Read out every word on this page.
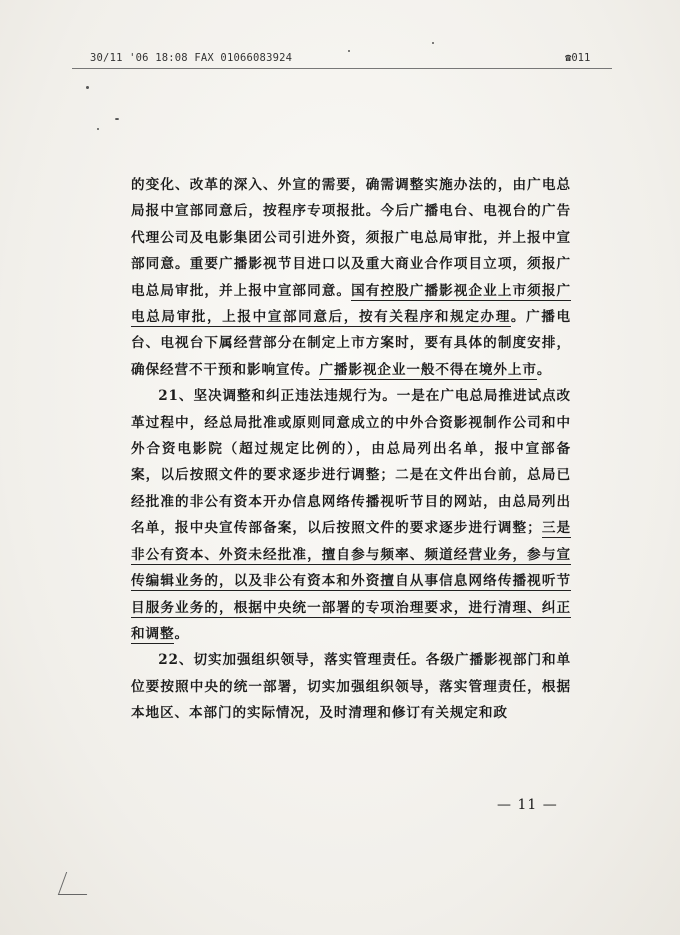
30/11 '06 18:08 FAX 01066083924	☎011

的变化、改革的深入、外宣的需要，确需调整实施办法的，由广电总局报中宣部同意后，按程序专项报批。今后广播电台、电视台的广告代理公司及电影集团公司引进外资，须报广电总局审批，并上报中宣部同意。重要广播影视节目进口以及重大商业合作项目立项，须报广电总局审批，并上报中宣部同意。国有控股广播影视企业上市须报广电总局审批，上报中宣部同意后，按有关程序和规定办理。广播电台、电视台下属经营部分在制定上市方案时，要有具体的制度安排，确保经营不干预和影响宣传。广播影视企业一般不得在境外上市。

21、坚决调整和纠正违法违规行为。一是在广电总局推进试点改革过程中，经总局批准或原则同意成立的中外合资影视制作公司和中外合资电影院（超过规定比例的），由总局列出名单，报中宣部备案，以后按照文件的要求逐步进行调整；二是在文件出台前，总局已经批准的非公有资本开办信息网络传播视听节目的网站，由总局列出名单，报中央宣传部备案，以后按照文件的要求逐步进行调整；三是非公有资本、外资未经批准，擅自参与频率、频道经营业务，参与宣传编辑业务的，以及非公有资本和外资擅自从事信息网络传播视听节目服务业务的，根据中央统一部署的专项治理要求，进行清理、纠正和调整。

22、切实加强组织领导，落实管理责任。各级广播影视部门和单位要按照中央的统一部署，切实加强组织领导，落实管理责任，根据本地区、本部门的实际情况，及时清理和修订有关规定和政

— 11 —
